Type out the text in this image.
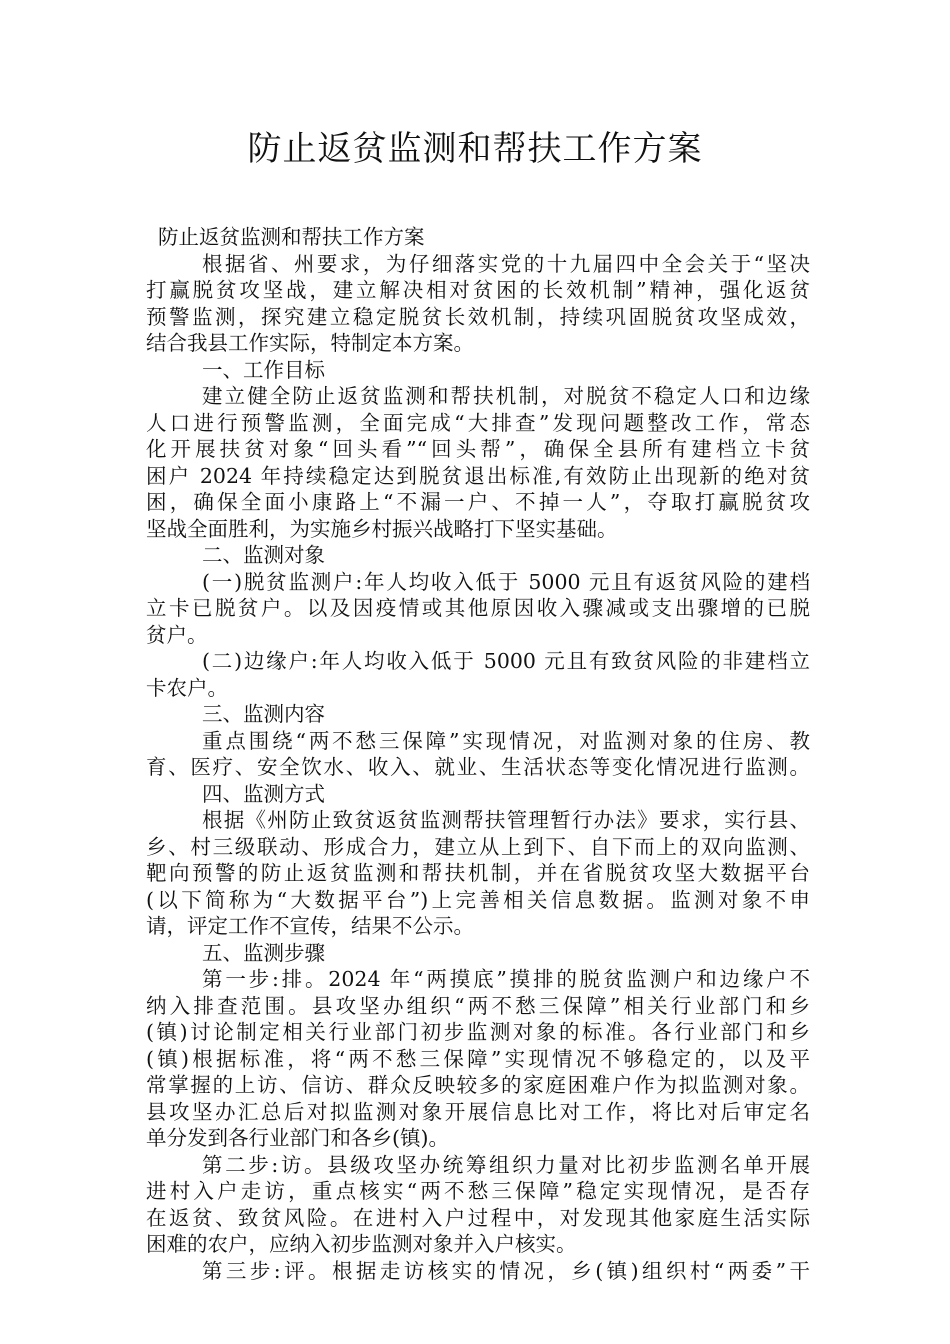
防止返贫监测和帮扶工作方案

防止返贫监测和帮扶工作方案

根据省、州要求，为仔细落实党的十九届四中全会关于“坚决
打赢脱贫攻坚战，建立解决相对贫困的长效机制”精神，强化返贫
预警监测，探究建立稳定脱贫长效机制，持续巩固脱贫攻坚成效，
结合我县工作实际，特制定本方案。

一、工作目标

建立健全防止返贫监测和帮扶机制，对脱贫不稳定人口和边缘
人口进行预警监测，全面完成“大排查”发现问题整改工作，常态
化开展扶贫对象“回头看”“回头帮”，确保全县所有建档立卡贫
困户 2024 年持续稳定达到脱贫退出标准,有效防止出现新的绝对贫
困，确保全面小康路上“不漏一户、不掉一人”，夺取打赢脱贫攻
坚战全面胜利，为实施乡村振兴战略打下坚实基础。

二、监测对象

(一)脱贫监测户:年人均收入低于 5000 元且有返贫风险的建档
立卡已脱贫户。以及因疫情或其他原因收入骤减或支出骤增的已脱
贫户。

(二)边缘户:年人均收入低于 5000 元且有致贫风险的非建档立
卡农户。

三、监测内容

重点围绕“两不愁三保障”实现情况，对监测对象的住房、教
育、医疗、安全饮水、收入、就业、生活状态等变化情况进行监测。

四、监测方式

根据《州防止致贫返贫监测帮扶管理暂行办法》要求，实行县、
乡、村三级联动、形成合力，建立从上到下、自下而上的双向监测、
靶向预警的防止返贫监测和帮扶机制，并在省脱贫攻坚大数据平台
(以下简称为“大数据平台”)上完善相关信息数据。监测对象不申
请，评定工作不宣传，结果不公示。

五、监测步骤

第一步:排。2024 年“两摸底”摸排的脱贫监测户和边缘户不
纳入排查范围。县攻坚办组织“两不愁三保障”相关行业部门和乡
(镇)讨论制定相关行业部门初步监测对象的标准。各行业部门和乡
(镇)根据标准，将“两不愁三保障”实现情况不够稳定的，以及平
常掌握的上访、信访、群众反映较多的家庭困难户作为拟监测对象。
县攻坚办汇总后对拟监测对象开展信息比对工作，将比对后审定名
单分发到各行业部门和各乡(镇)。

第二步:访。县级攻坚办统筹组织力量对比初步监测名单开展
进村入户走访，重点核实“两不愁三保障”稳定实现情况，是否存
在返贫、致贫风险。在进村入户过程中，对发现其他家庭生活实际
困难的农户，应纳入初步监测对象并入户核实。

第三步:评。根据走访核实的情况，乡(镇)组织村“两委”干
